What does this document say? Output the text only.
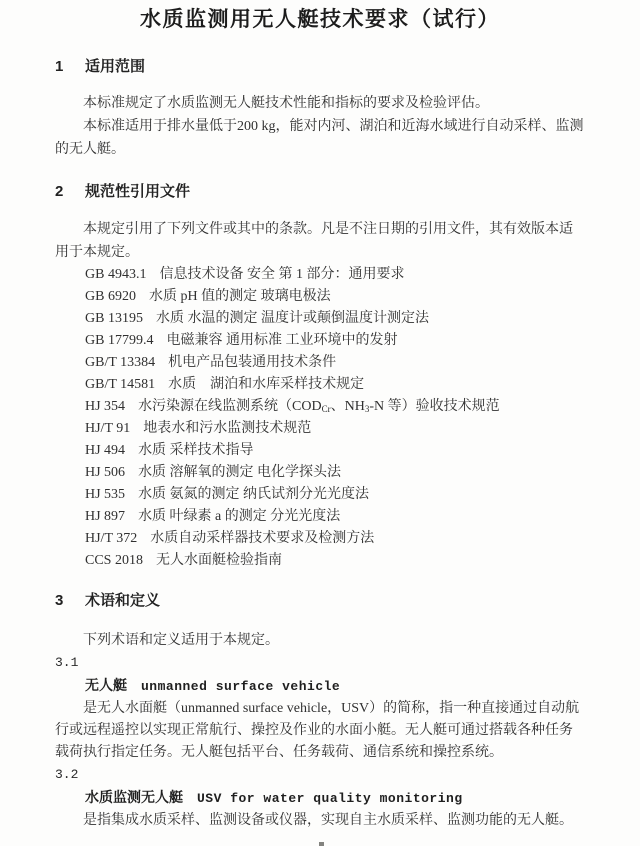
水质监测用无人艇技术要求（试行）
1	适用范围

本标准规定了水质监测无人艇技术性能和指标的要求及检验评估。

本标准适用于排水量低于200 kg，能对内河、湖泊和近海水域进行自动采样、监测的无人艇。

2	规范性引用文件

本规定引用了下列文件或其中的条款。凡是不注日期的引用文件，其有效版本适用于本规定。

GB 4943.1 信息技术设备 安全 第 1 部分：通用要求
GB 6920 水质 pH 值的测定 玻璃电极法
GB 13195 水质 水温的测定 温度计或颠倒温度计测定法
GB 17799.4 电磁兼容 通用标准 工业环境中的发射
GB/T 13384 机电产品包装通用技术条件
GB/T 14581 水质　湖泊和水库采样技术规定
HJ 354 水污染源在线监测系统（$COD_{Cr}$、$NH_3-N$ 等）验收技术规范
HJ/T 91 地表水和污水监测技术规范
HJ 494 水质 采样技术指导
HJ 506 水质 溶解氧的测定 电化学探头法
HJ 535 水质 氨氮的测定 纳氏试剂分光光度法
HJ 897 水质 叶绿素 a 的测定 分光光度法
HJ/T 372 水质自动采样器技术要求及检测方法
CCS 2018 无人水面艇检验指南
3	术语和定义

下列术语和定义适用于本规定。

3.1
无人艇 unmanned surface vehicle

是无人水面艇（unmanned surface vehicle，USV）的简称，指一种直接通过自动航行或远程遥控以实现正常航行、操控及作业的水面小艇。无人艇可通过搭载各种任务载荷执行指定任务。无人艇包括平台、任务载荷、通信系统和操控系统。

3.2
水质监测无人艇 USV for water quality monitoring

是指集成水质采样、监测设备或仪器，实现自主水质采样、监测功能的无人艇。
